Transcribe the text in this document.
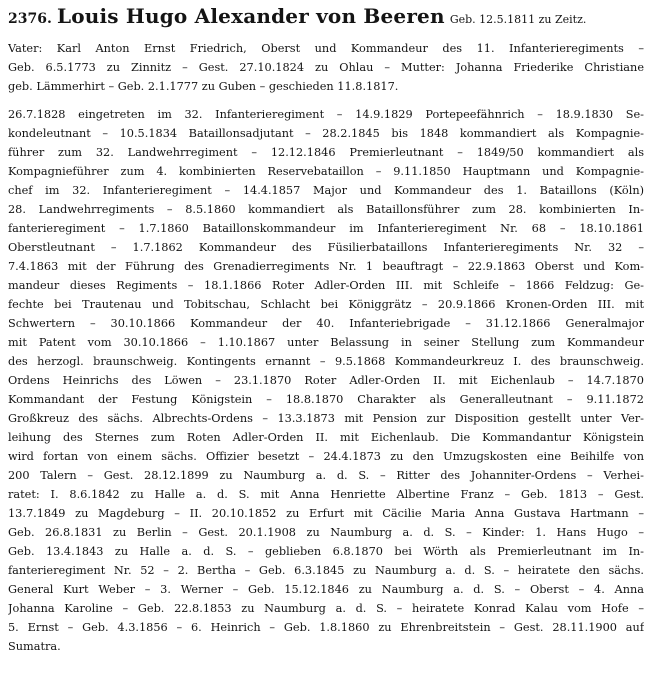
2376. Louis Hugo Alexander von Beeren Geb. 12.5.1811 zu Zeitz.
Vater: Karl Anton Ernst Friedrich, Oberst und Kommandeur des 11. Infanterieregiments –
Geb. 6.5.1773 zu Zinnitz – Gest. 27.10.1824 zu Ohlau – Mutter: Johanna Friederike Christiane
geb. Lämmerhirt – Geb. 2.1.1777 zu Guben – geschieden 11.8.1817.
26.7.1828 eingetreten im 32. Infanterieregiment – 14.9.1829 Portepeefähnrich – 18.9.1830 Se-
kondeleutnant – 10.5.1834 Bataillonsadjutant – 28.2.1845 bis 1848 kommandiert als Kompagnie-
führer zum 32. Landwehrregiment – 12.12.1846 Premierleutnant – 1849/50 kommandiert als
Kompagnieführer zum 4. kombinierten Reservebataillon – 9.11.1850 Hauptmann und Kompagnie-
chef im 32. Infanterieregiment – 14.4.1857 Major und Kommandeur des 1. Bataillons (Köln)
28. Landwehrregiments – 8.5.1860 kommandiert als Bataillonsführer zum 28. kombinierten In-
fanterieregiment – 1.7.1860 Bataillonskommandeur im Infanterieregiment Nr. 68 – 18.10.1861
Oberstleutnant – 1.7.1862 Kommandeur des Füsilierbataillons Infanterieregiments Nr. 32 –
7.4.1863 mit der Führung des Grenadierregiments Nr. 1 beauftragt – 22.9.1863 Oberst und Kom-
mandeur dieses Regiments – 18.1.1866 Roter Adler-Orden III. mit Schleife – 1866 Feldzug: Ge-
fechte bei Trautenau und Tobitschau, Schlacht bei Königgrätz – 20.9.1866 Kronen-Orden III. mit
Schwertern – 30.10.1866 Kommandeur der 40. Infanteriebrigade – 31.12.1866 Generalmajor
mit Patent vom 30.10.1866 – 1.10.1867 unter Belassung in seiner Stellung zum Kommandeur
des herzogl. braunschweig. Kontingents ernannt – 9.5.1868 Kommandeurkreuz I. des braunschweig.
Ordens Heinrichs des Löwen – 23.1.1870 Roter Adler-Orden II. mit Eichenlaub – 14.7.1870
Kommandant der Festung Königstein – 18.8.1870 Charakter als Generalleutnant – 9.11.1872
Großkreuz des sächs. Albrechts-Ordens – 13.3.1873 mit Pension zur Disposition gestellt unter Ver-
leihung des Sternes zum Roten Adler-Orden II. mit Eichenlaub. Die Kommandantur Königstein
wird fortan von einem sächs. Offizier besetzt – 24.4.1873 zu den Umzugskosten eine Beihilfe von
200 Talern – Gest. 28.12.1899 zu Naumburg a. d. S. – Ritter des Johanniter-Ordens – Verhei-
ratet: I. 8.6.1842 zu Halle a. d. S. mit Anna Henriette Albertine Franz – Geb. 1813 – Gest.
13.7.1849 zu Magdeburg – II. 20.10.1852 zu Erfurt mit Cäcilie Maria Anna Gustava Hartmann –
Geb. 26.8.1831 zu Berlin – Gest. 20.1.1908 zu Naumburg a. d. S. – Kinder: 1. Hans Hugo –
Geb. 13.4.1843 zu Halle a. d. S. – geblieben 6.8.1870 bei Wörth als Premierleutnant im In-
fanterieregiment Nr. 52 – 2. Bertha – Geb. 6.3.1845 zu Naumburg a. d. S. – heiratete den sächs.
General Kurt Weber – 3. Werner – Geb. 15.12.1846 zu Naumburg a. d. S. – Oberst – 4. Anna
Johanna Karoline – Geb. 22.8.1853 zu Naumburg a. d. S. – heiratete Konrad Kalau vom Hofe –
5. Ernst – Geb. 4.3.1856 – 6. Heinrich – Geb. 1.8.1860 zu Ehrenbreitstein – Gest. 28.11.1900 auf
Sumatra.
